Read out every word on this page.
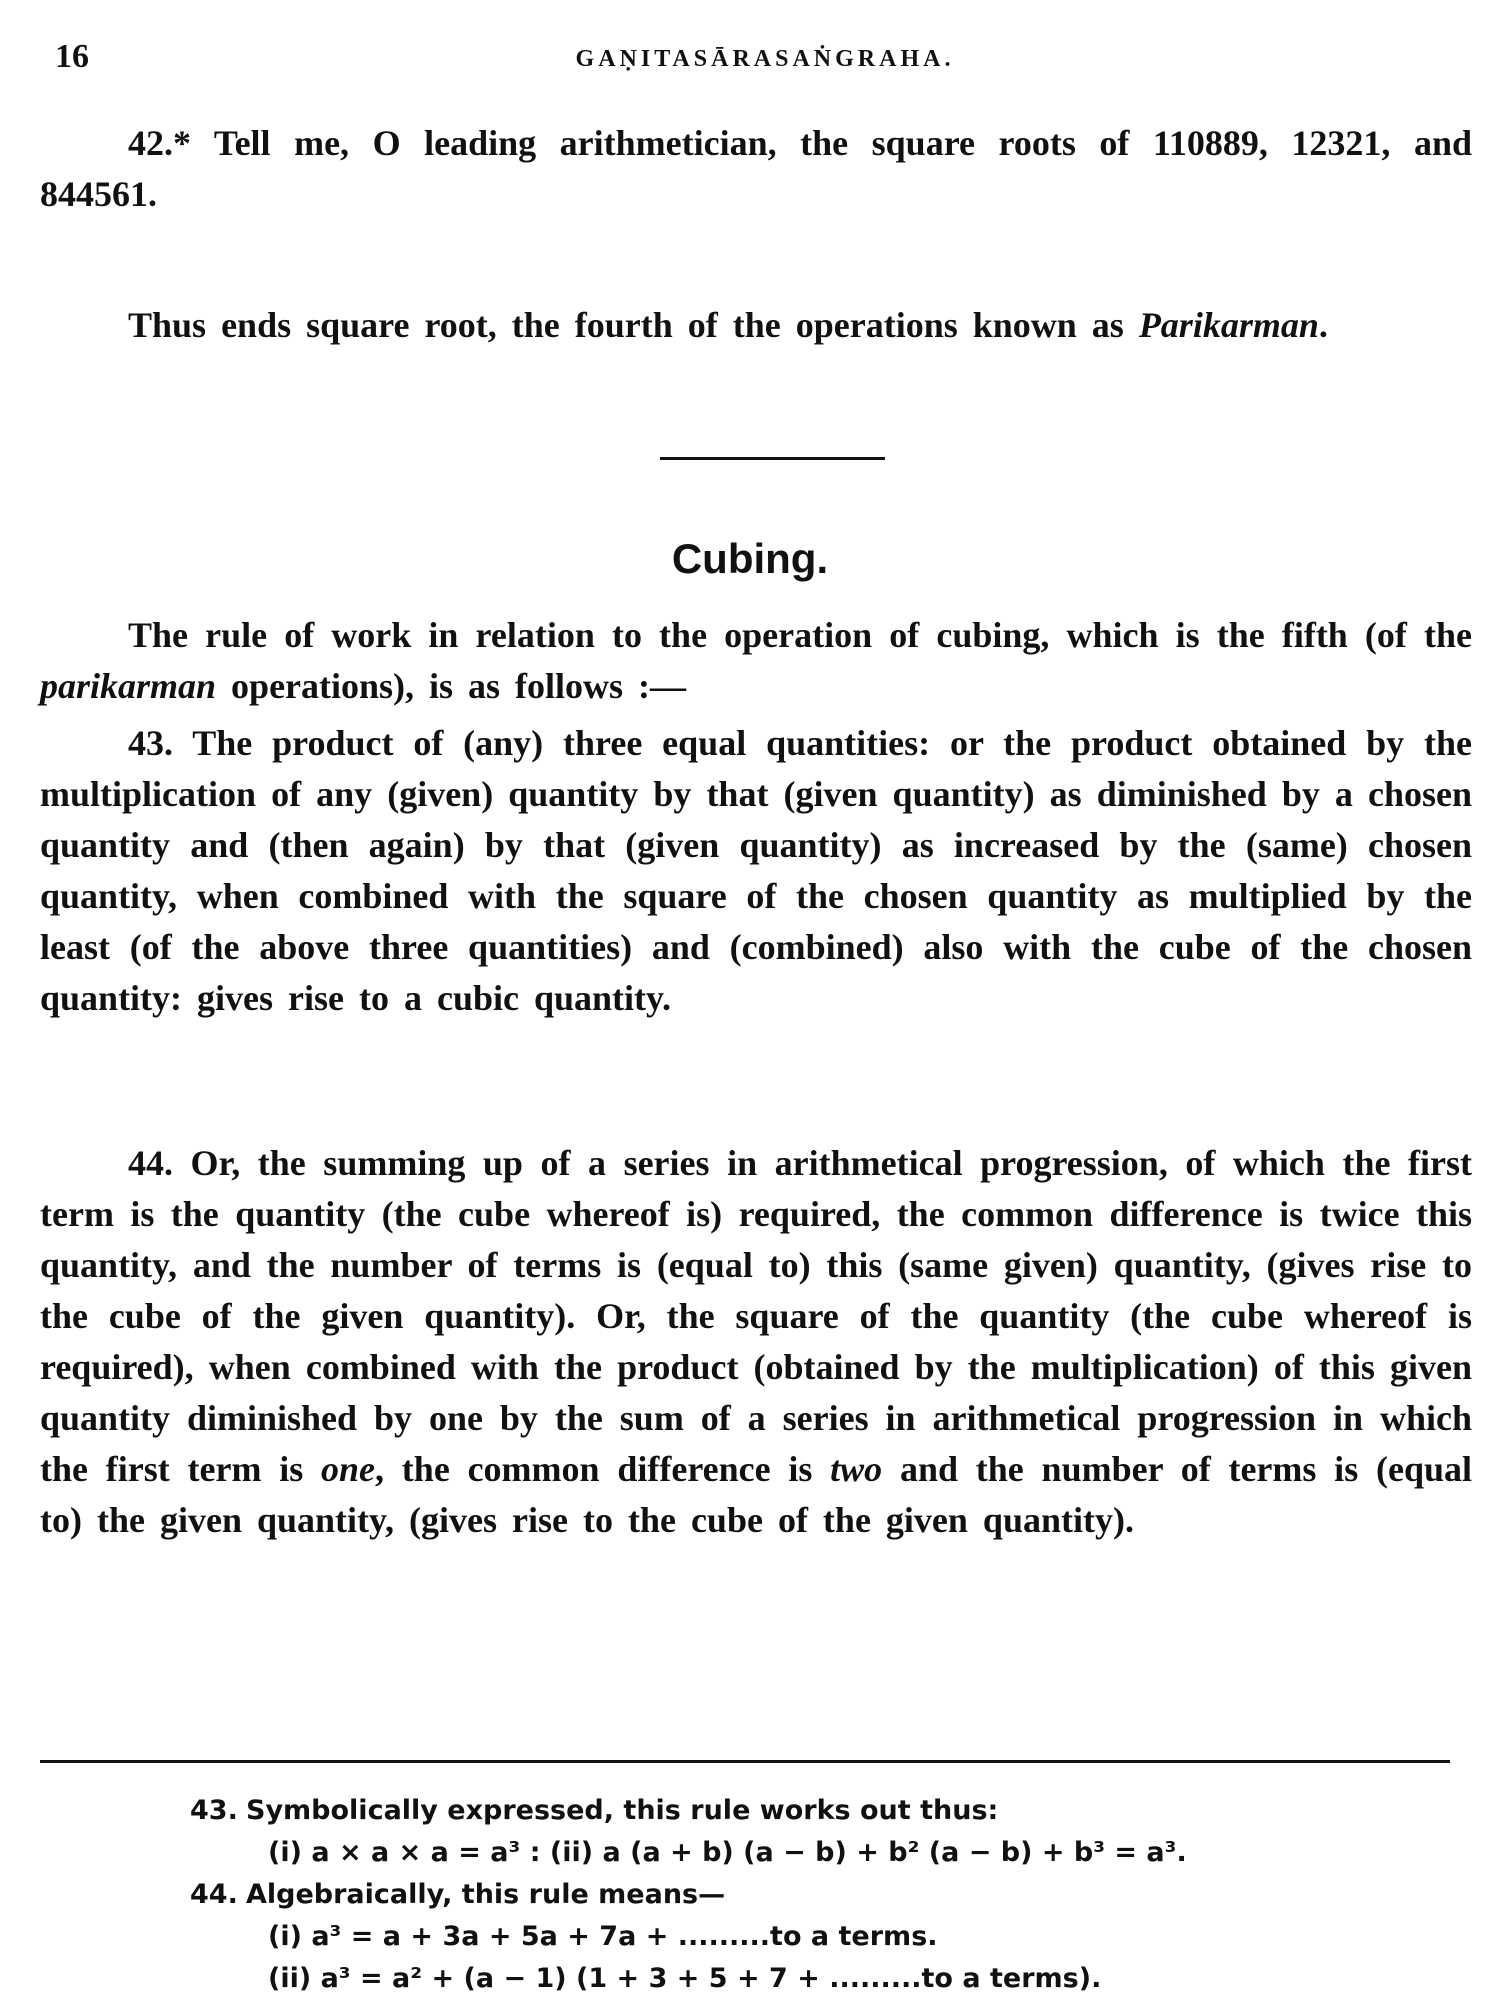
16	GAṆITASĀRASAṄGRAHA.

42.* Tell me, O leading arithmetician, the square roots of 110889, 12321, and 844561.

Thus ends square root, the fourth of the operations known as Parikarman.

Cubing.

The rule of work in relation to the operation of cubing, which is the fifth (of the parikarman operations), is as follows :—

43. The product of (any) three equal quantities: or the product obtained by the multiplication of any (given) quantity by that (given quantity) as diminished by a chosen quantity and (then again) by that (given quantity) as increased by the (same) chosen quantity, when combined with the square of the chosen quantity as multiplied by the least (of the above three quantities) and (combined) also with the cube of the chosen quantity: gives rise to a cubic quantity.

44. Or, the summing up of a series in arithmetical progression, of which the first term is the quantity (the cube whereof is) required, the common difference is twice this quantity, and the number of terms is (equal to) this (same given) quantity, (gives rise to the cube of the given quantity). Or, the square of the quantity (the cube whereof is required), when combined with the product (obtained by the multiplication) of this given quantity diminished by one by the sum of a series in arithmetical progression in which the first term is one, the common difference is two and the number of terms is (equal to) the given quantity, (gives rise to the cube of the given quantity).

43. Symbolically expressed, this rule works out thus:
(i) a × a × a = a³ : (ii) a (a + b) (a − b) + b² (a − b) + b³ = a³.
44. Algebraically, this rule means—
(i) a³ = a + 3a + 5a + 7a + .........to a terms.
(ii) a³ = a² + (a − 1) (1 + 3 + 5 + 7 + .........to a terms).
